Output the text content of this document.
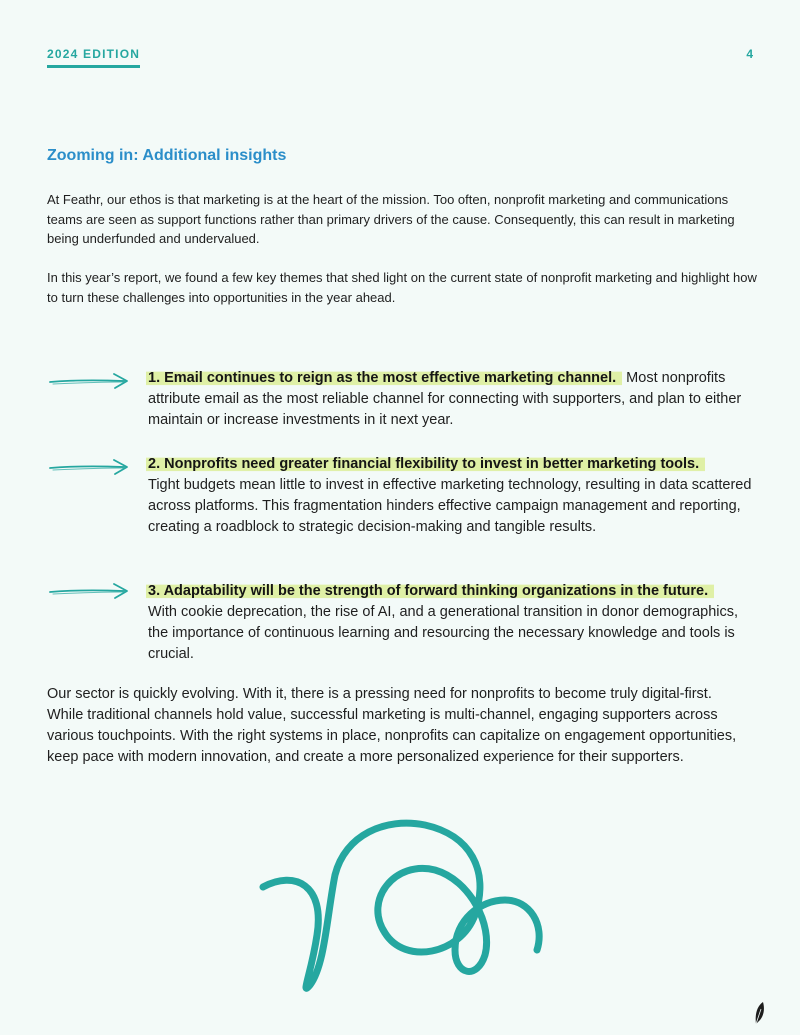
2024 EDITION	4
Zooming in: Additional insights

At Feathr, our ethos is that marketing is at the heart of the mission. Too often, nonprofit marketing and communications teams are seen as support functions rather than primary drivers of the cause. Consequently, this can result in marketing being underfunded and undervalued.

In this year’s report, we found a few key themes that shed light on the current state of nonprofit marketing and highlight how to turn these challenges into opportunities in the year ahead.

1. Email continues to reign as the most effective marketing channel. Most nonprofits attribute email as the most reliable channel for connecting with supporters, and plan to either maintain or increase investments in it next year.

2. Nonprofits need greater financial flexibility to invest in better marketing tools.
Tight budgets mean little to invest in effective marketing technology, resulting in data scattered across platforms. This fragmentation hinders effective campaign management and reporting, creating a roadblock to strategic decision-making and tangible results.

3. Adaptability will be the strength of forward thinking organizations in the future.
With cookie deprecation, the rise of AI, and a generational transition in donor demographics, the importance of continuous learning and resourcing the necessary knowledge and tools is crucial.

Our sector is quickly evolving. With it, there is a pressing need for nonprofits to become truly digital-first. While traditional channels hold value, successful marketing is multi-channel, engaging supporters across various touchpoints. With the right systems in place, nonprofits can capitalize on engagement opportunities, keep pace with modern innovation, and create a more personalized experience for their supporters.
